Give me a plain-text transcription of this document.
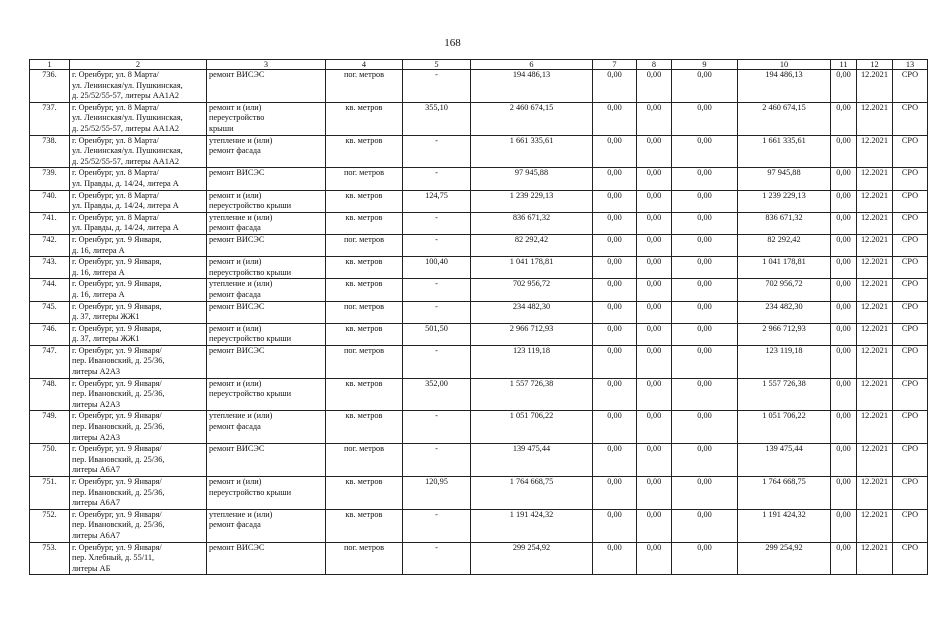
168
1	2	3	4	5	6	7	8	9	10	11	12	13
736.	г. Оренбург, ул. 8 Марта/
ул. Ленинская/ул. Пушкинская,
д. 25/52/55-57, литеры АА1А2	ремонт ВИСЭС	пог. метров	-	194 486,13	0,00	0,00	0,00	194 486,13	0,00	12.2021	СРО
737.	г. Оренбург, ул. 8 Марта/
ул. Ленинская/ул. Пушкинская,
д. 25/52/55-57, литеры АА1А2	ремонт и (или)
переустройство
крыши	кв. метров	355,10	2 460 674,15	0,00	0,00	0,00	2 460 674,15	0,00	12.2021	СРО
738.	г. Оренбург, ул. 8 Марта/
ул. Ленинская/ул. Пушкинская,
д. 25/52/55-57, литеры АА1А2	утепление и (или)
ремонт фасада	кв. метров	-	1 661 335,61	0,00	0,00	0,00	1 661 335,61	0,00	12.2021	СРО
739.	г. Оренбург, ул. 8 Марта/
ул. Правды, д. 14/24, литера А	ремонт ВИСЭС	пог. метров	-	97 945,88	0,00	0,00	0,00	97 945,88	0,00	12.2021	СРО
740.	г. Оренбург, ул. 8 Марта/
ул. Правды, д. 14/24, литера А	ремонт и (или)
переустройство крыши	кв. метров	124,75	1 239 229,13	0,00	0,00	0,00	1 239 229,13	0,00	12.2021	СРО
741.	г. Оренбург, ул. 8 Марта/
ул. Правды, д. 14/24, литера А	утепление и (или)
ремонт фасада	кв. метров	-	836 671,32	0,00	0,00	0,00	836 671,32	0,00	12.2021	СРО
742.	г. Оренбург, ул. 9 Января,
д. 16, литера А	ремонт ВИСЭС	пог. метров	-	82 292,42	0,00	0,00	0,00	82 292,42	0,00	12.2021	СРО
743.	г. Оренбург, ул. 9 Января,
д. 16, литера А	ремонт и (или)
переустройство крыши	кв. метров	100,40	1 041 178,81	0,00	0,00	0,00	1 041 178,81	0,00	12.2021	СРО
744.	г. Оренбург, ул. 9 Января,
д. 16, литера А	утепление и (или)
ремонт фасада	кв. метров	-	702 956,72	0,00	0,00	0,00	702 956,72	0,00	12.2021	СРО
745.	г. Оренбург, ул. 9 Января,
д. 37, литеры ЖЖ1	ремонт ВИСЭС	пог. метров	-	234 482,30	0,00	0,00	0,00	234 482,30	0,00	12.2021	СРО
746.	г. Оренбург, ул. 9 Января,
д. 37, литеры ЖЖ1	ремонт и (или)
переустройство крыши	кв. метров	501,50	2 966 712,93	0,00	0,00	0,00	2 966 712,93	0,00	12.2021	СРО
747.	г. Оренбург, ул. 9 Января/
пер. Ивановский, д. 25/36,
литеры А2А3	ремонт ВИСЭС	пог. метров	-	123 119,18	0,00	0,00	0,00	123 119,18	0,00	12.2021	СРО
748.	г. Оренбург, ул. 9 Января/
пер. Ивановский, д. 25/36,
литеры А2А3	ремонт и (или)
переустройство крыши	кв. метров	352,00	1 557 726,38	0,00	0,00	0,00	1 557 726,38	0,00	12.2021	СРО
749.	г. Оренбург, ул. 9 Января/
пер. Ивановский, д. 25/36,
литеры А2А3	утепление и (или)
ремонт фасада	кв. метров	-	1 051 706,22	0,00	0,00	0,00	1 051 706,22	0,00	12.2021	СРО
750.	г. Оренбург, ул. 9 Января/
пер. Ивановский, д. 25/36,
литеры А6А7	ремонт ВИСЭС	пог. метров	-	139 475,44	0,00	0,00	0,00	139 475,44	0,00	12.2021	СРО
751.	г. Оренбург, ул. 9 Января/
пер. Ивановский, д. 25/36,
литеры А6А7	ремонт и (или)
переустройство крыши	кв. метров	120,95	1 764 668,75	0,00	0,00	0,00	1 764 668,75	0,00	12.2021	СРО
752.	г. Оренбург, ул. 9 Января/
пер. Ивановский, д. 25/36,
литеры А6А7	утепление и (или)
ремонт фасада	кв. метров	-	1 191 424,32	0,00	0,00	0,00	1 191 424,32	0,00	12.2021	СРО
753.	г. Оренбург, ул. 9 Января/
пер. Хлебный, д. 55/11,
литеры АБ	ремонт ВИСЭС	пог. метров	-	299 254,92	0,00	0,00	0,00	299 254,92	0,00	12.2021	СРО
